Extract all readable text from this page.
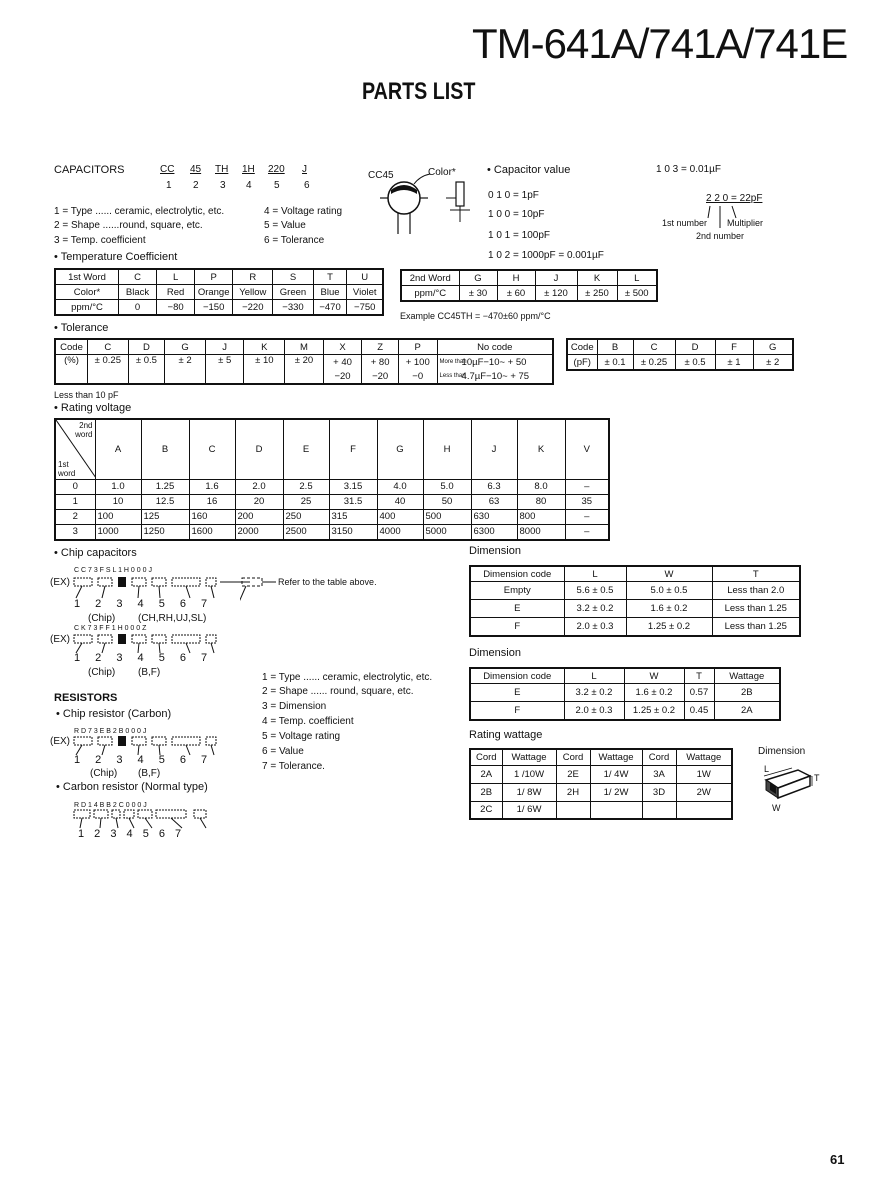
TM-641A/741A/741E
PARTS LIST
CAPACITORS	CC 45 TH 1H 220 J
1 2 3 4 5 6
1 = Type ...... ceramic, electrolytic, etc.
2 = Shape ......round, square, etc.
3 = Temp. coefficient
4 = Voltage rating
5 = Value
6 = Tolerance
CC45	Color*	• Capacitor value
0 1 0 = 1pF
1 0 0 = 10pF
1 0 1 = 100pF
1 0 2 = 1000pF = 0.001µF
1 0 3 = 0.01µF
2 2 0 = 22pF
1st number Multiplier
2nd number
• Temperature Coefficient
1st Word	C	L	P	R	S	T	U
Color*	Black	Red	Orange	Yellow	Green	Blue	Violet
ppm/°C	0	−80	−150	−220	−330	−470	−750
2nd Word	G	H	J	K	L
ppm/°C	± 30	± 60	± 120	± 250	± 500
Example CC45TH = −470±60 ppm/°C
• Tolerance
Code	C	D	G	J	K	M	X	Z	P	No code
(%)	± 0.25	± 0.5	± 2	± 5	± 10	± 20	+ 40	+ 80	+ 100	More than10µF−10~ + 50
							−20	−20	−0	Less than4.7µF−10~ + 75
Code	B	C	D	F	G
(pF)	± 0.1	± 0.25	± 0.5	± 1	± 2
Less than 10 pF
• Rating voltage
2nd word
1st word	A	B	C	D	E	F	G	H	J	K	V
0	1.0	1.25	1.6	2.0	2.5	3.15	4.0	5.0	6.3	8.0	–
1	10	12.5	16	20	25	31.5	40	50	63	80	35
2	100	125	160	200	250	315	400	500	630	800	–
3	1000	1250	1600	2000	2500	3150	4000	5000	6300	8000	–
• Chip capacitors
C C 7 3 F S L 1 H 0 0 0 J
(EX)	Refer to the table above.
1 2 3 4 5 6 7
(Chip) (CH,RH,UJ,SL)
C K 7 3 F F 1 H 0 0 0 Z
(EX)
1 2 3 4 5 6 7
(Chip) (B,F)
Dimension
Dimension code	L	W	T
Empty	5.6 ± 0.5	5.0 ± 0.5	Less than 2.0
E	3.2 ± 0.2	1.6 ± 0.2	Less than 1.25
F	2.0 ± 0.3	1.25 ± 0.2	Less than 1.25
Dimension
Dimension code	L	W	T	Wattage
E	3.2 ± 0.2	1.6 ± 0.2	0.57	2B
F	2.0 ± 0.3	1.25 ± 0.2	0.45	2A
RESISTORS
• Chip resistor (Carbon)
R D 7 3 E B 2 B 0 0 0 J
(EX)
1 2 3 4 5 6 7
(Chip) (B,F)
• Carbon resistor (Normal type)
R D 1 4 B B 2 C 0 0 0 J
1 2 3 4 5 6 7
1 = Type ...... ceramic, electrolytic, etc.
2 = Shape ...... round, square, etc.
3 = Dimension
4 = Temp. coefficient
5 = Voltage rating
6 = Value
7 = Tolerance.
Rating wattage
Cord	Wattage	Cord	Wattage	Cord	Wattage
2A	1 /10W	2E	1/ 4W	3A	1W
2B	1/ 8W	2H	1/ 2W	3D	2W
2C	1/ 6W				
Dimension
L
T
W
61
